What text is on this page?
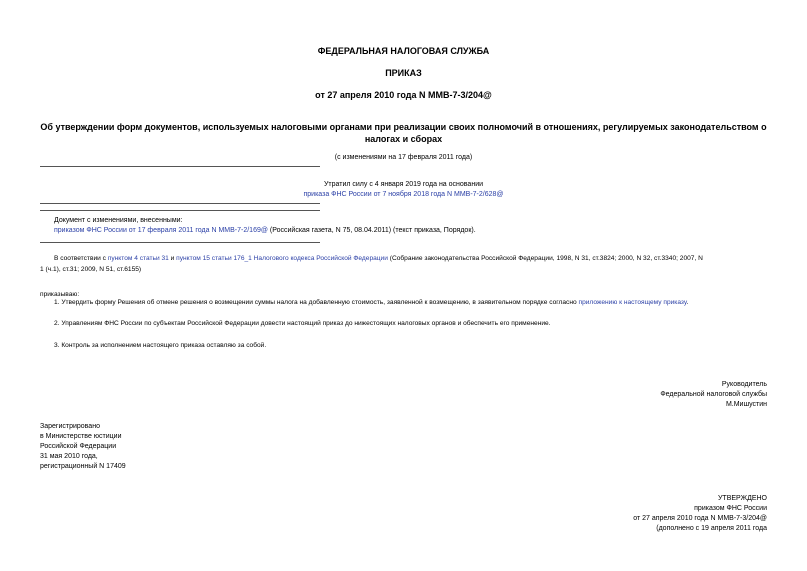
ФЕДЕРАЛЬНАЯ НАЛОГОВАЯ СЛУЖБА
ПРИКАЗ
от 27 апреля 2010 года N ММВ-7-3/204@
Об утверждении форм документов, используемых налоговыми органами при реализации своих полномочий в отношениях, регулируемых законодательством о налогах и сборах
(с изменениями на 17 февраля 2011 года)
Утратил силу с 4 января 2019 года на основании
приказа ФНС России от 7 ноября 2018 года N ММВ-7-2/628@
Документ с изменениями, внесенными:
приказом ФНС России от 17 февраля 2011 года N ММВ-7-2/169@ (Российская газета, N 75, 08.04.2011) (текст приказа, Порядок).
В соответствии с пунктом 4 статьи 31 и пунктом 15 статьи 176_1 Налогового кодекса Российской Федерации (Собрание законодательства Российской Федерации, 1998, N 31, ст.3824; 2000, N 32, ст.3340; 2007, N
1 (ч.1), ст.31; 2009, N 51, ст.6155)
приказываю:
1. Утвердить форму Решения об отмене решения о возмещении суммы налога на добавленную стоимость, заявленной к возмещению, в заявительном порядке согласно приложению к настоящему приказу.
2. Управлениям ФНС России по субъектам Российской Федерации довести настоящий приказ до нижестоящих налоговых органов и обеспечить его применение.
3. Контроль за исполнением настоящего приказа оставляю за собой.
Руководитель
Федеральной налоговой службы
М.Мишустин
Зарегистрировано
в Министерстве юстиции
Российской Федерации
31 мая 2010 года,
регистрационный N 17409
УТВЕРЖДЕНО
приказом ФНС России
от 27 апреля 2010 года N ММВ-7-3/204@
(дополнено с 19 апреля 2011 года
